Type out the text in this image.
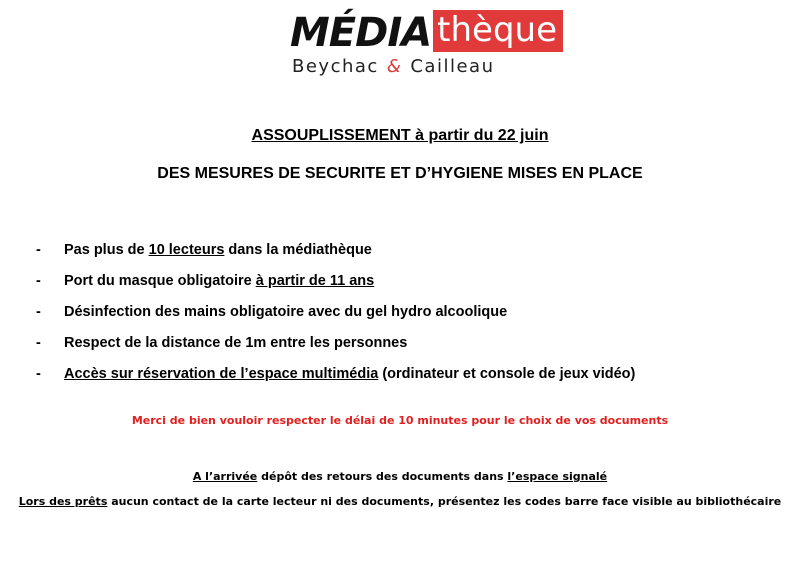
MÉDIA thèque
Beychac & Cailleau
ASSOUPLISSEMENT à partir du 22 juin
DES MESURES DE SECURITE ET D’HYGIENE MISES EN PLACE
-	Pas plus de 10 lecteurs dans la médiathèque
-	Port du masque obligatoire à partir de 11 ans
-	Désinfection des mains obligatoire avec du gel hydro alcoolique
-	Respect de la distance de 1m entre les personnes
-	Accès sur réservation de l’espace multimédia (ordinateur et console de jeux vidéo)
Merci de bien vouloir respecter le délai de 10 minutes pour le choix de vos documents
A l’arrivée dépôt des retours des documents dans l’espace signalé
Lors des prêts aucun contact de la carte lecteur ni des documents, présentez les codes barre face visible au bibliothécaire
